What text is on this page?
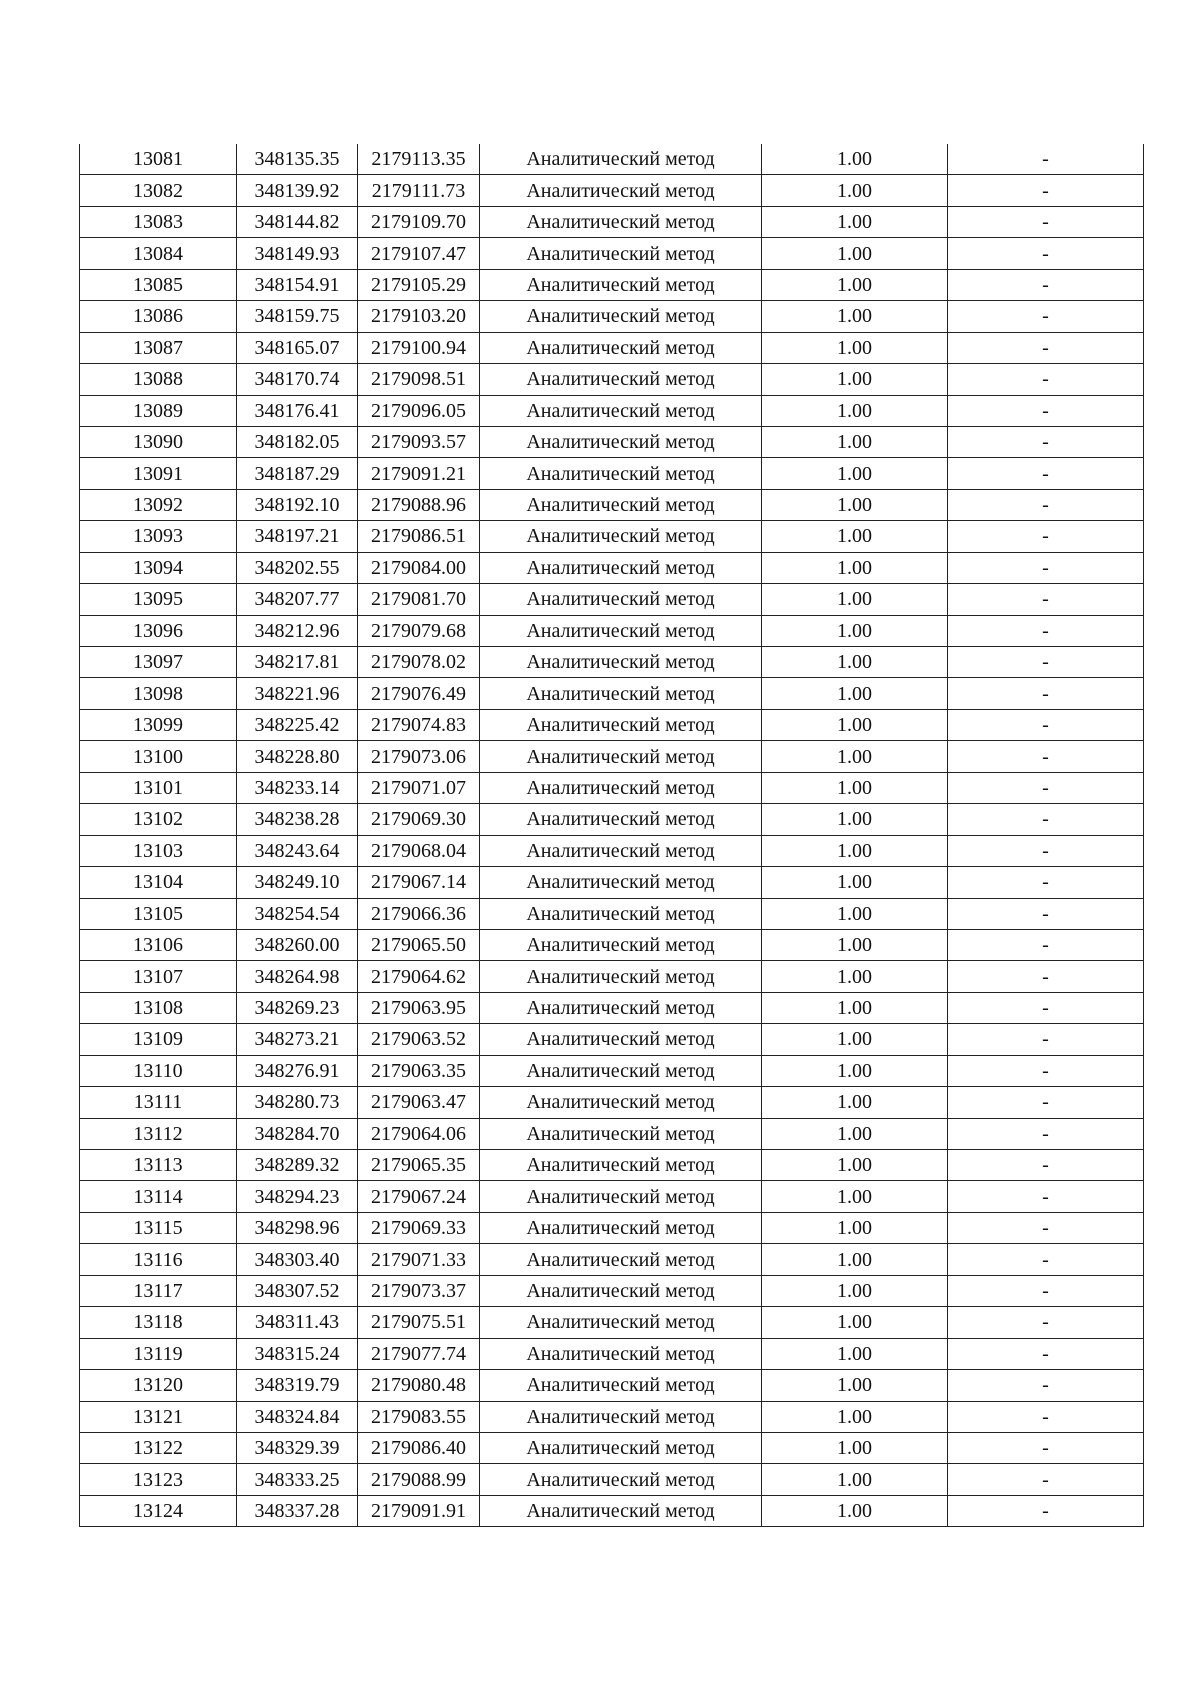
13081	348135.35	2179113.35	Аналитический метод	1.00	-
13082	348139.92	2179111.73	Аналитический метод	1.00	-
13083	348144.82	2179109.70	Аналитический метод	1.00	-
13084	348149.93	2179107.47	Аналитический метод	1.00	-
13085	348154.91	2179105.29	Аналитический метод	1.00	-
13086	348159.75	2179103.20	Аналитический метод	1.00	-
13087	348165.07	2179100.94	Аналитический метод	1.00	-
13088	348170.74	2179098.51	Аналитический метод	1.00	-
13089	348176.41	2179096.05	Аналитический метод	1.00	-
13090	348182.05	2179093.57	Аналитический метод	1.00	-
13091	348187.29	2179091.21	Аналитический метод	1.00	-
13092	348192.10	2179088.96	Аналитический метод	1.00	-
13093	348197.21	2179086.51	Аналитический метод	1.00	-
13094	348202.55	2179084.00	Аналитический метод	1.00	-
13095	348207.77	2179081.70	Аналитический метод	1.00	-
13096	348212.96	2179079.68	Аналитический метод	1.00	-
13097	348217.81	2179078.02	Аналитический метод	1.00	-
13098	348221.96	2179076.49	Аналитический метод	1.00	-
13099	348225.42	2179074.83	Аналитический метод	1.00	-
13100	348228.80	2179073.06	Аналитический метод	1.00	-
13101	348233.14	2179071.07	Аналитический метод	1.00	-
13102	348238.28	2179069.30	Аналитический метод	1.00	-
13103	348243.64	2179068.04	Аналитический метод	1.00	-
13104	348249.10	2179067.14	Аналитический метод	1.00	-
13105	348254.54	2179066.36	Аналитический метод	1.00	-
13106	348260.00	2179065.50	Аналитический метод	1.00	-
13107	348264.98	2179064.62	Аналитический метод	1.00	-
13108	348269.23	2179063.95	Аналитический метод	1.00	-
13109	348273.21	2179063.52	Аналитический метод	1.00	-
13110	348276.91	2179063.35	Аналитический метод	1.00	-
13111	348280.73	2179063.47	Аналитический метод	1.00	-
13112	348284.70	2179064.06	Аналитический метод	1.00	-
13113	348289.32	2179065.35	Аналитический метод	1.00	-
13114	348294.23	2179067.24	Аналитический метод	1.00	-
13115	348298.96	2179069.33	Аналитический метод	1.00	-
13116	348303.40	2179071.33	Аналитический метод	1.00	-
13117	348307.52	2179073.37	Аналитический метод	1.00	-
13118	348311.43	2179075.51	Аналитический метод	1.00	-
13119	348315.24	2179077.74	Аналитический метод	1.00	-
13120	348319.79	2179080.48	Аналитический метод	1.00	-
13121	348324.84	2179083.55	Аналитический метод	1.00	-
13122	348329.39	2179086.40	Аналитический метод	1.00	-
13123	348333.25	2179088.99	Аналитический метод	1.00	-
13124	348337.28	2179091.91	Аналитический метод	1.00	-
